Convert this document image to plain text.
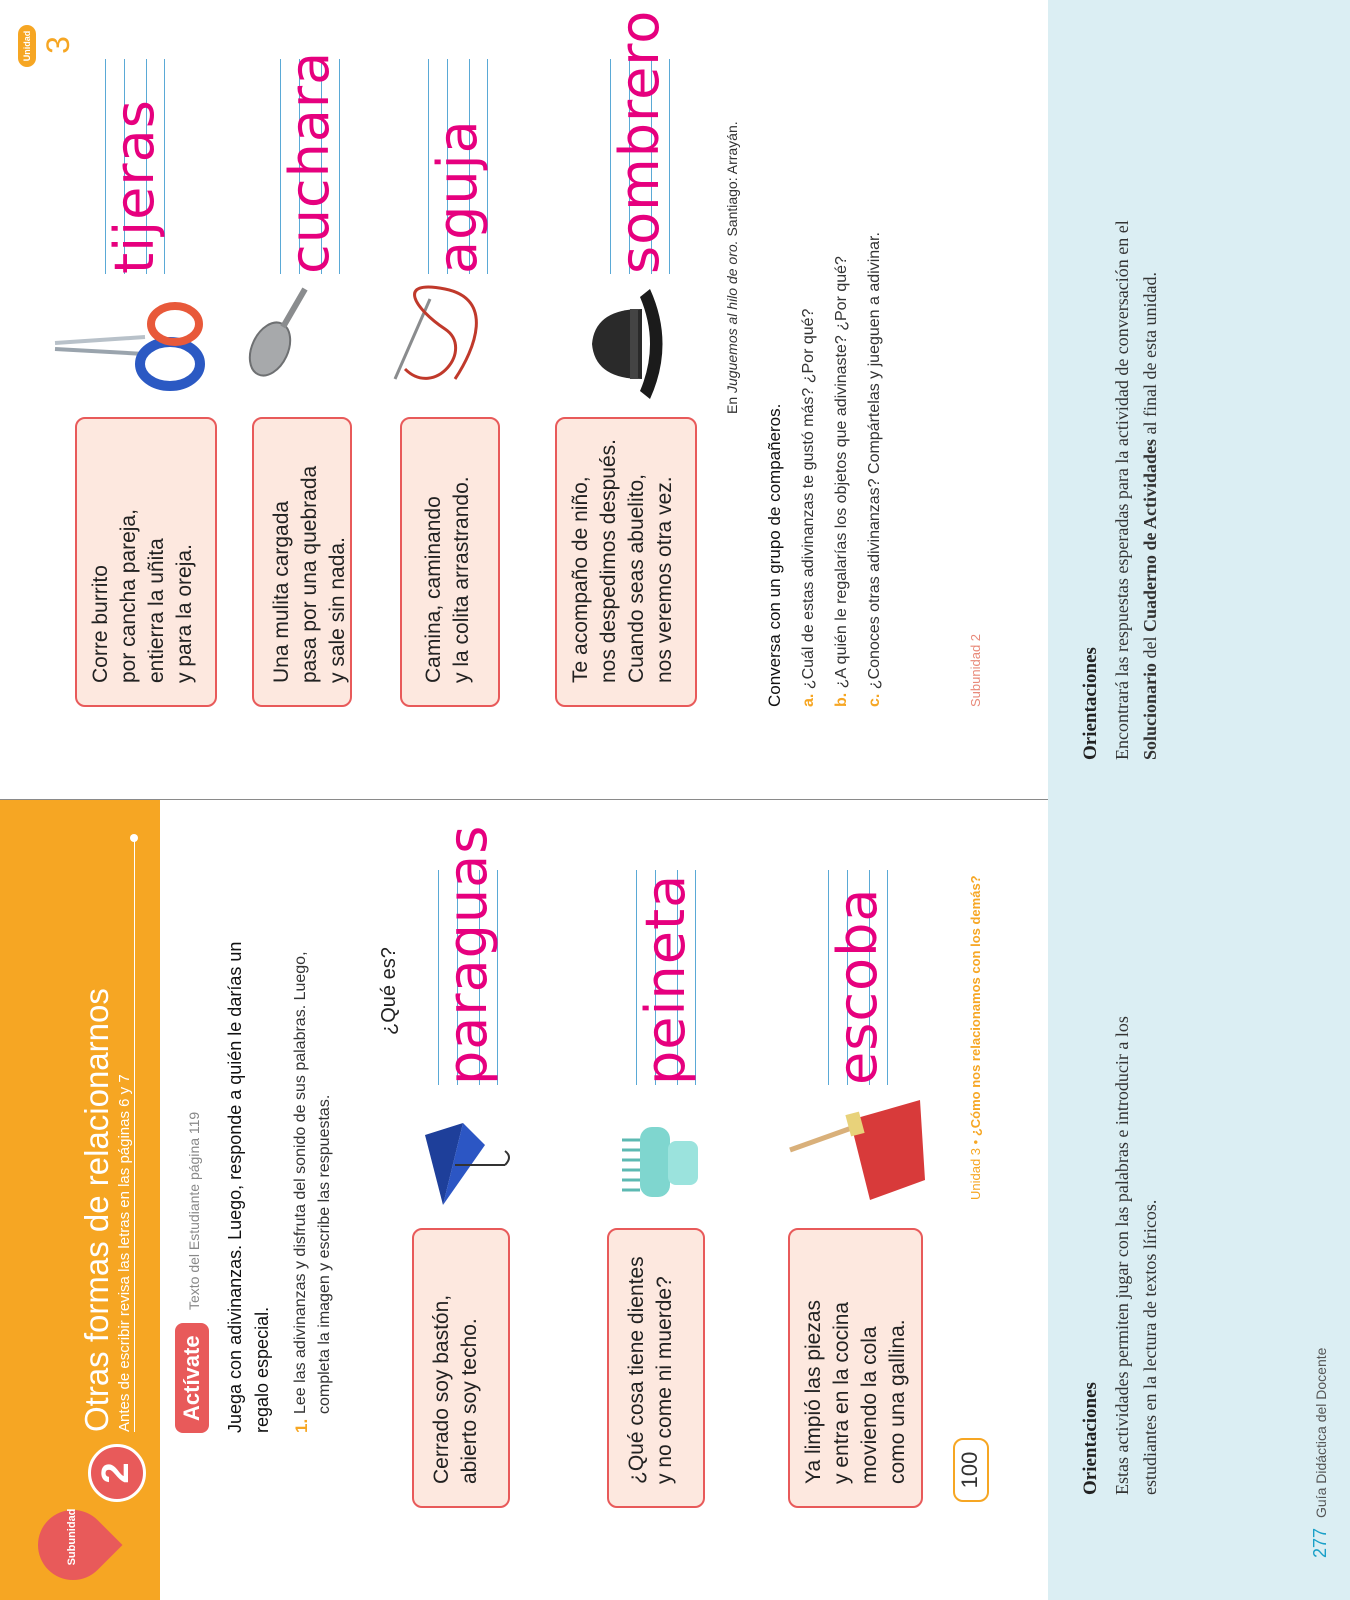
Subunidad
2
Otras formas de relacionarnos Antes de escribir revisa las letras en las páginas 6 y 7 Actívate
Texto del Estudiante página 119 Juega con adivinanzas. Luego, responde a quién le darías un regalo especial. 1.
Lee las adivinanzas y disfruta del sonido de sus palabras. Luego, completa la imagen y escribe las respuestas.
¿Qué es?
Cerrado soy bastón, abierto soy techo.
paraguas
¿Qué cosa tiene dientes y no come ni muerde?
peineta
Ya limpió las piezas y entra en la cocina moviendo la cola como una gallina.
escoba
100
Unidad 3 • ¿Cómo nos relacionamos con los demás?
Corre burrito por cancha pareja, entierra la uñita y para la oreja.
tijeras
Una mulita cargada pasa por una quebrada y sale sin nada.
cuchara
Camina, caminando y la colita arrastrando.
aguja
Te acompaño de niño, nos despedimos después. Cuando seas abuelito, nos veremos otra vez.
sombrero
En Juguemos al hilo de oro. Santiago: Arrayán.
Conversa con un grupo de compañeros. a. ¿Cuál de estas adivinanzas te gustó más? ¿Por qué?
b. ¿A quién le regalarías los objetos que adivinaste? ¿Por qué?
c. ¿Conoces otras adivinanzas? Compártelas y jueguen a adivinar.	Subunidad 2
Unidad 3
Orientaciones Estas actividades permiten jugar con las palabras e introducir a los estudiantes en la lectura de textos líricos.
Orientaciones Encontrará las respuestas esperadas para la actividad de conversación en el Solucionario del Cuaderno de Actividades al final de esta unidad.
277
Guía Didáctica del Docente
